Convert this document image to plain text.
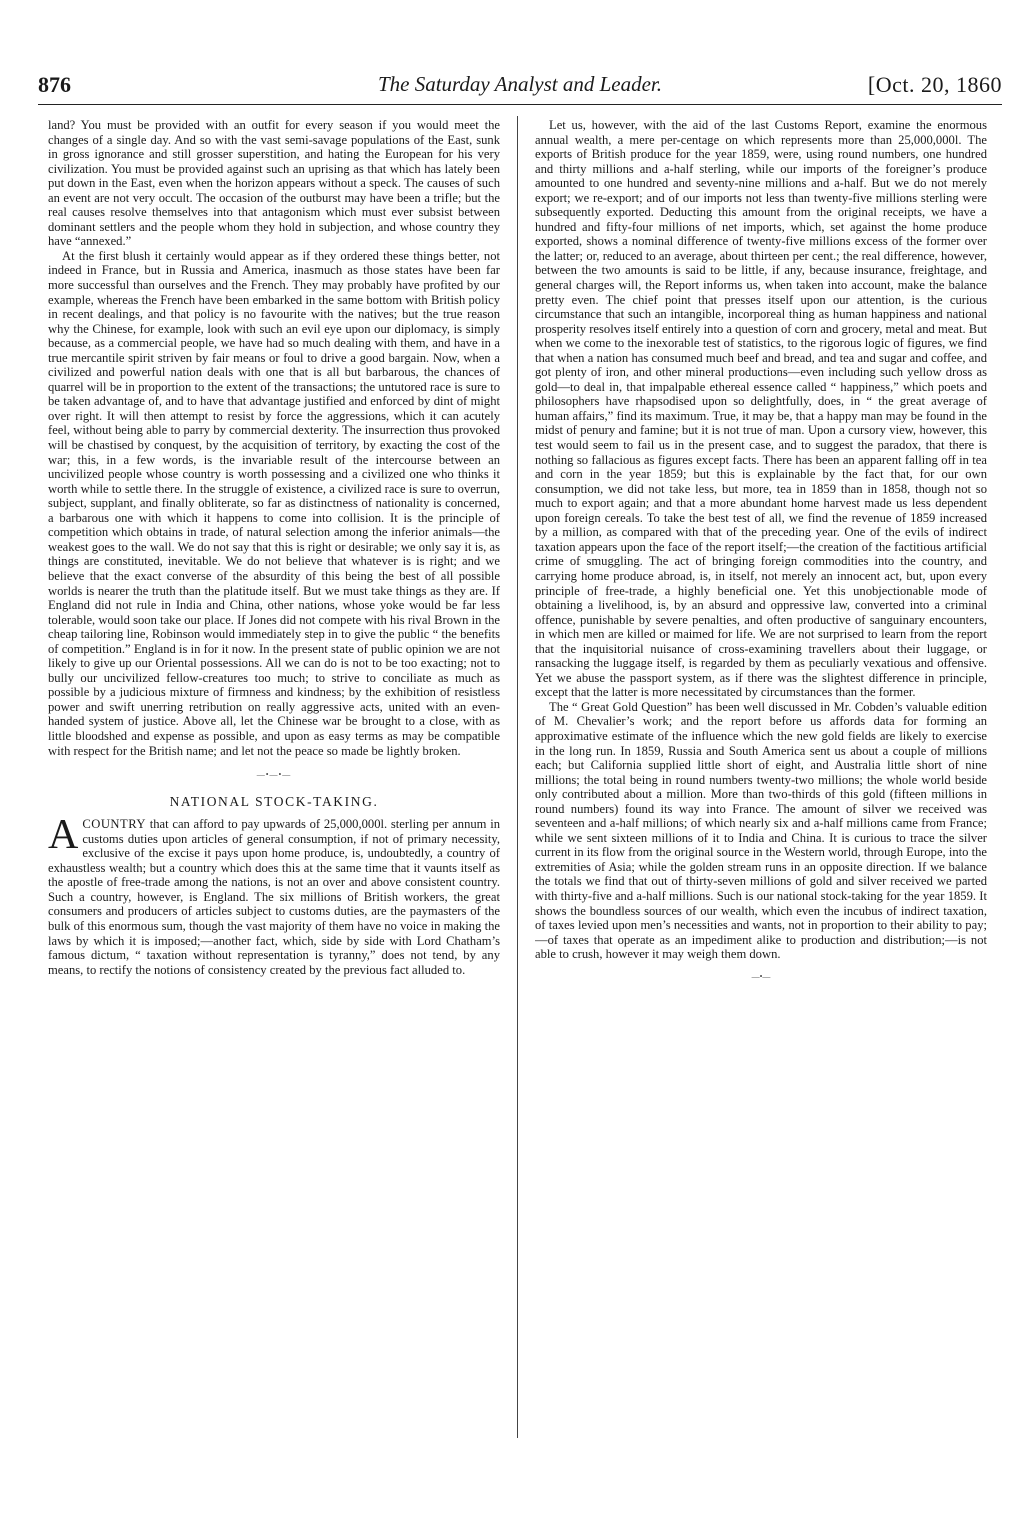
876	The Saturday Analyst and Leader.	[Oct. 20, 1860

land? You must be provided with an outfit for every season if you would meet the changes of a single day. And so with the vast semi-savage populations of the East, sunk in gross ignorance and still grosser superstition, and hating the European for his very civilization. You must be provided against such an uprising as that which has lately been put down in the East, even when the horizon appears without a speck. The causes of such an event are not very occult. The occasion of the outburst may have been a trifle; but the real causes resolve themselves into that antagonism which must ever subsist between dominant settlers and the people whom they hold in subjection, and whose country they have “annexed.”

At the first blush it certainly would appear as if they ordered these things better, not indeed in France, but in Russia and America, inasmuch as those states have been far more successful than ourselves and the French. They may probably have profited by our example, whereas the French have been embarked in the same bottom with British policy in recent dealings, and that policy is no favourite with the natives; but the true reason why the Chinese, for example, look with such an evil eye upon our diplomacy, is simply because, as a commercial people, we have had so much dealing with them, and have in a true mercantile spirit striven by fair means or foul to drive a good bargain. Now, when a civilized and powerful nation deals with one that is all but barbarous, the chances of quarrel will be in proportion to the extent of the transactions; the untutored race is sure to be taken advantage of, and to have that advantage justified and enforced by dint of might over right. It will then attempt to resist by force the aggressions, which it can acutely feel, without being able to parry by commercial dexterity. The insurrection thus provoked will be chastised by conquest, by the acquisition of territory, by exacting the cost of the war; this, in a few words, is the invariable result of the intercourse between an uncivilized people whose country is worth possessing and a civilized one who thinks it worth while to settle there. In the struggle of existence, a civilized race is sure to overrun, subject, supplant, and finally obliterate, so far as distinctness of nationality is concerned, a barbarous one with which it happens to come into collision. It is the principle of competition which obtains in trade, of natural selection among the inferior animals—the weakest goes to the wall. We do not say that this is right or desirable; we only say it is, as things are constituted, inevitable. We do not believe that whatever is is right; and we believe that the exact converse of the absurdity of this being the best of all possible worlds is nearer the truth than the platitude itself. But we must take things as they are. If England did not rule in India and China, other nations, whose yoke would be far less tolerable, would soon take our place. If Jones did not compete with his rival Brown in the cheap tailoring line, Robinson would immediately step in to give the public “ the benefits of competition.” England is in for it now. In the present state of public opinion we are not likely to give up our Oriental possessions. All we can do is not to be too exacting; not to bully our uncivilized fellow-creatures too much; to strive to conciliate as much as possible by a judicious mixture of firmness and kindness; by the exhibition of resistless power and swift unerring retribution on really aggressive acts, united with an even-handed system of justice. Above all, let the Chinese war be brought to a close, with as little bloodshed and expense as possible, and upon as easy terms as may be compatible with respect for the British name; and let not the peace so made be lightly broken.

—•—•—
NATIONAL STOCK-TAKING.

ACOUNTRY that can afford to pay upwards of 25,000,000l. sterling per annum in customs duties upon articles of general consumption, if not of primary necessity, exclusive of the excise it pays upon home produce, is, undoubtedly, a country of exhaustless wealth; but a country which does this at the same time that it vaunts itself as the apostle of free-trade among the nations, is not an over and above consistent country. Such a country, however, is England. The six millions of British workers, the great consumers and producers of articles subject to customs duties, are the paymasters of the bulk of this enormous sum, though the vast majority of them have no voice in making the laws by which it is imposed;—another fact, which, side by side with Lord Chatham’s famous dictum, “ taxation without representation is tyranny,” does not tend, by any means, to rectify the notions of consistency created by the previous fact alluded to.

Let us, however, with the aid of the last Customs Report, examine the enormous annual wealth, a mere per-centage on which represents more than 25,000,000l. The exports of British produce for the year 1859, were, using round numbers, one hundred and thirty millions and a-half sterling, while our imports of the foreigner’s produce amounted to one hundred and seventy-nine millions and a-half. But we do not merely export; we re-export; and of our imports not less than twenty-five millions sterling were subsequently exported. Deducting this amount from the original receipts, we have a hundred and fifty-four millions of net imports, which, set against the home produce exported, shows a nominal difference of twenty-five millions excess of the former over the latter; or, reduced to an average, about thirteen per cent.; the real difference, however, between the two amounts is said to be little, if any, because insurance, freightage, and general charges will, the Report informs us, when taken into account, make the balance pretty even. The chief point that presses itself upon our attention, is the curious circumstance that such an intangible, incorporeal thing as human happiness and national prosperity resolves itself entirely into a question of corn and grocery, metal and meat. But when we come to the inexorable test of statistics, to the rigorous logic of figures, we find that when a nation has consumed much beef and bread, and tea and sugar and coffee, and got plenty of iron, and other mineral productions—even including such yellow dross as gold—to deal in, that impalpable ethereal essence called “ happiness,” which poets and philosophers have rhapsodised upon so delightfully, does, in “ the great average of human affairs,” find its maximum. True, it may be, that a happy man may be found in the midst of penury and famine; but it is not true of man. Upon a cursory view, however, this test would seem to fail us in the present case, and to suggest the paradox, that there is nothing so fallacious as figures except facts. There has been an apparent falling off in tea and corn in the year 1859; but this is explainable by the fact that, for our own consumption, we did not take less, but more, tea in 1859 than in 1858, though not so much to export again; and that a more abundant home harvest made us less dependent upon foreign cereals. To take the best test of all, we find the revenue of 1859 increased by a million, as compared with that of the preceding year. One of the evils of indirect taxation appears upon the face of the report itself;—the creation of the factitious artificial crime of smuggling. The act of bringing foreign commodities into the country, and carrying home produce abroad, is, in itself, not merely an innocent act, but, upon every principle of free-trade, a highly beneficial one. Yet this unobjectionable mode of obtaining a livelihood, is, by an absurd and oppressive law, converted into a criminal offence, punishable by severe penalties, and often productive of sanguinary encounters, in which men are killed or maimed for life. We are not surprised to learn from the report that the inquisitorial nuisance of cross-examining travellers about their luggage, or ransacking the luggage itself, is regarded by them as peculiarly vexatious and offensive. Yet we abuse the passport system, as if there was the slightest difference in principle, except that the latter is more necessitated by circumstances than the former.

The “ Great Gold Question” has been well discussed in Mr. Cobden’s valuable edition of M. Chevalier’s work; and the report before us affords data for forming an approximative estimate of the influence which the new gold fields are likely to exercise in the long run. In 1859, Russia and South America sent us about a couple of millions each; but California supplied little short of eight, and Australia little short of nine millions; the total being in round numbers twenty-two millions; the whole world beside only contributed about a million. More than two-thirds of this gold (fifteen millions in round numbers) found its way into France. The amount of silver we received was seventeen and a-half millions; of which nearly six and a-half millions came from France; while we sent sixteen millions of it to India and China. It is curious to trace the silver current in its flow from the original source in the Western world, through Europe, into the extremities of Asia; while the golden stream runs in an opposite direction. If we balance the totals we find that out of thirty-seven millions of gold and silver received we parted with thirty-five and a-half millions. Such is our national stock-taking for the year 1859. It shows the boundless sources of our wealth, which even the incubus of indirect taxation, of taxes levied upon men’s necessities and wants, not in proportion to their ability to pay;—of taxes that operate as an impediment alike to production and distribution;—is not able to crush, however it may weigh them down.

—•—
